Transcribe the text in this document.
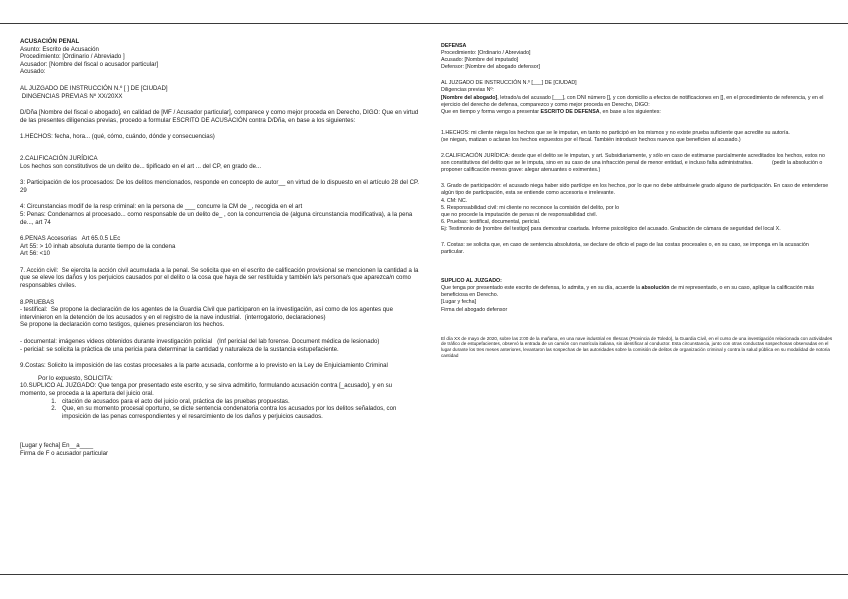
ACUSACIÓN PENAL

Asunto: Escrito de Acusación

Procedimiento: [Ordinario / Abreviado ]

Acusador: [Nombre del fiscal o acusador particular]

Acusado:

AL JUZGADO DE INSTRUCCIÓN N.º [ ] DE [CIUDAD]

DINGENCIAS PREVIAS Nº XX/20XX

D/Dña [Nombre del fiscal o abogado], en calidad de [MF / Acusador particular], comparece y como mejor proceda en Derecho, DIGO: Que en virtud de las presentes diligencias previas, procedo a formular ESCRITO DE ACUSACIÓN contra D/Dña, en base a los siguientes:

1.HECHOS: fecha, hora... (qué, cómo, cuándo, dónde y consecuencias)

2.CALIFICACIÓN JURÍDICA

Los hechos son constitutivos de un delito de... tipificado en el art ... del CP, en grado de...

3: Participación de los procesados: De los delitos mencionados, responde en concepto de autor__ en virtud de lo dispuesto en el artículo 28 del CP.           29

4: Circunstancias modif de la resp criminal: en la persona de ___ concurre la CM de _, recogida en el art

5: Penas: Condenarnos al procesado... como responsable de un delito de_ , con la concurrencia de (alguna circunstancia modificativa), a la pena de..., art 74

6.PENAS Accesorias   Art 65.0.5 LEc

Art 55: > 10 inhab absoluta durante tiempo de la condena

Art 56: <10

7. Acción civil:  Se ejercita la acción civil acumulada a la penal. Se solicita que en el escrito de calificación provisional se mencionen la cantidad a la que se eleve los daños y los perjuicios causados por el delito o la cosa que haya de ser restituida y también la/s persona/s que aparezca/n como responsables civiles.

8.PRUEBAS

- testifical:  Se propone la declaración de los agentes de la Guardia Civil que participaron en la investigación, así como de los agentes que intervinieron en la detención de los acusados y en el registro de la nave industrial.  (interrogatorio, declaraciones)

Se propone la declaración como testigos, quienes presenciaron los hechos.

- documental: imágenes videos obtenidos durante investigación policial   (Inf pericial del lab forense. Document médica de lesionado)

- pericial: se solicita la práctica de una pericia para determinar la cantidad y naturaleza de la sustancia estupefaciente.

9.Costas: Solicito la imposición de las costas procesales a la parte acusada, conforme a lo previsto en la Ley de Enjuiciamiento Criminal

Por lo expuesto, SOLICITA:

10.SUPLICO AL JUZGADO: Que tenga por presentado este escrito, y se sirva admitirlo, formulando acusación contra [_acusado], y en su momento, se proceda a la apertura del juicio oral.

1. citación de acusados para el acto del juicio oral, práctica de las pruebas propuestas.
2. Que, en su momento procesal oportuno, se dicte sentencia condenatoria contra los acusados por los delitos señalados, con imposición de las penas correspondientes y el resarcimiento de los daños y perjuicios causados.

[Lugar y fecha] En__a____

Firma de F o acusador particular

DEFENSA

Procedimiento: [Ordinario / Abreviado]

Acusado: [Nombre del imputado]

Defensor: [Nombre del abogado defensor]

AL JUZGADO DE INSTRUCCIÓN N.º [___] DE [CIUDAD]

Diligencias previas Nº:

[Nombre del abogado], letrado/a del acusado [___], con DNI número [], y con domicilio a efectos de notificaciones en [], en el procedimiento de referencia, y en el ejercicio del derecho de defensa, comparezco y como mejor proceda en Derecho, DIGO:

Que en tiempo y forma vengo a presentar ESCRITO DE DEFENSA, en base a los siguientes:

1.HECHOS: mi cliente niega los hechos que se le imputan, en tanto no participó en los mismos y no existe prueba suficiente que acredite su autoría.

(se niegan, matizan o aclaran los hechos expuestos por el fiscal. También introducir hechos nuevos que beneficien al acusado.)

2.CALIFICACIÓN JURÍDICA: desde que el delito se le imputan, y art. Subsidiariamente, y sólo en caso de estimarse parcialmente acreditados los hechos, estos no son constitutivos del delito que se le imputa, sino en su caso de una infracción penal de menor entidad, e incluso falta administrativa.             (pedir la absolución o proponer calificación menos grave: alegar atenuantes o eximentes.)

3. Grado de participación: el acusado niega haber sido partícipe en los hechos, por lo que no debe atribuirsele grado alguno de participación. En caso de entenderse algún tipo de participación, esta se entiende como accesoria e irrelevante.

4. CM: NC.

5. Responsabilidad civil: mi cliente no reconoce la comisión del delito, por lo

que no procede la imputación de penas ni de responsabilidad civil.

6. Pruebas: testifical, documental, pericial.

Ej: Testimonio de [nombre del testigo] para demostrar coartada. Informe psicológico del acusado. Grabación de cámara de seguridad del local X.

7. Costas: se solicita que, en caso de sentencia absolutoria, se declare de oficio el pago de las costas procesales o, en su caso, se imponga en la acusación particular.

SUPLICO AL JUZGADO:

Que tenga por presentado este escrito de defensa, lo admita, y en su día, acuerde la absolución de mi representado, o en su caso, aplique la calificación más beneficiosa en Derecho.

[Lugar y fecha]

Firma del abogado defensor

El día XX de mayo de 2020, sobre las 2:00 de la mañana, en una nave industrial en Illescas (Provincia de Toledo), la Guardia Civil, en el curso de una investigación relacionada con actividades de tráfico de estupefacientes, observó la entrada de un camión con matrícula italiana, sin identificar al conductor. Esta circunstancia, junto con otras conductas sospechosas observadas en el lugar durante los tres meses anteriores, levantaron las sospechas de las autoridades sobre la comisión de delitos de organización criminal y contra la salud pública en su modalidad de notoria cantidad
